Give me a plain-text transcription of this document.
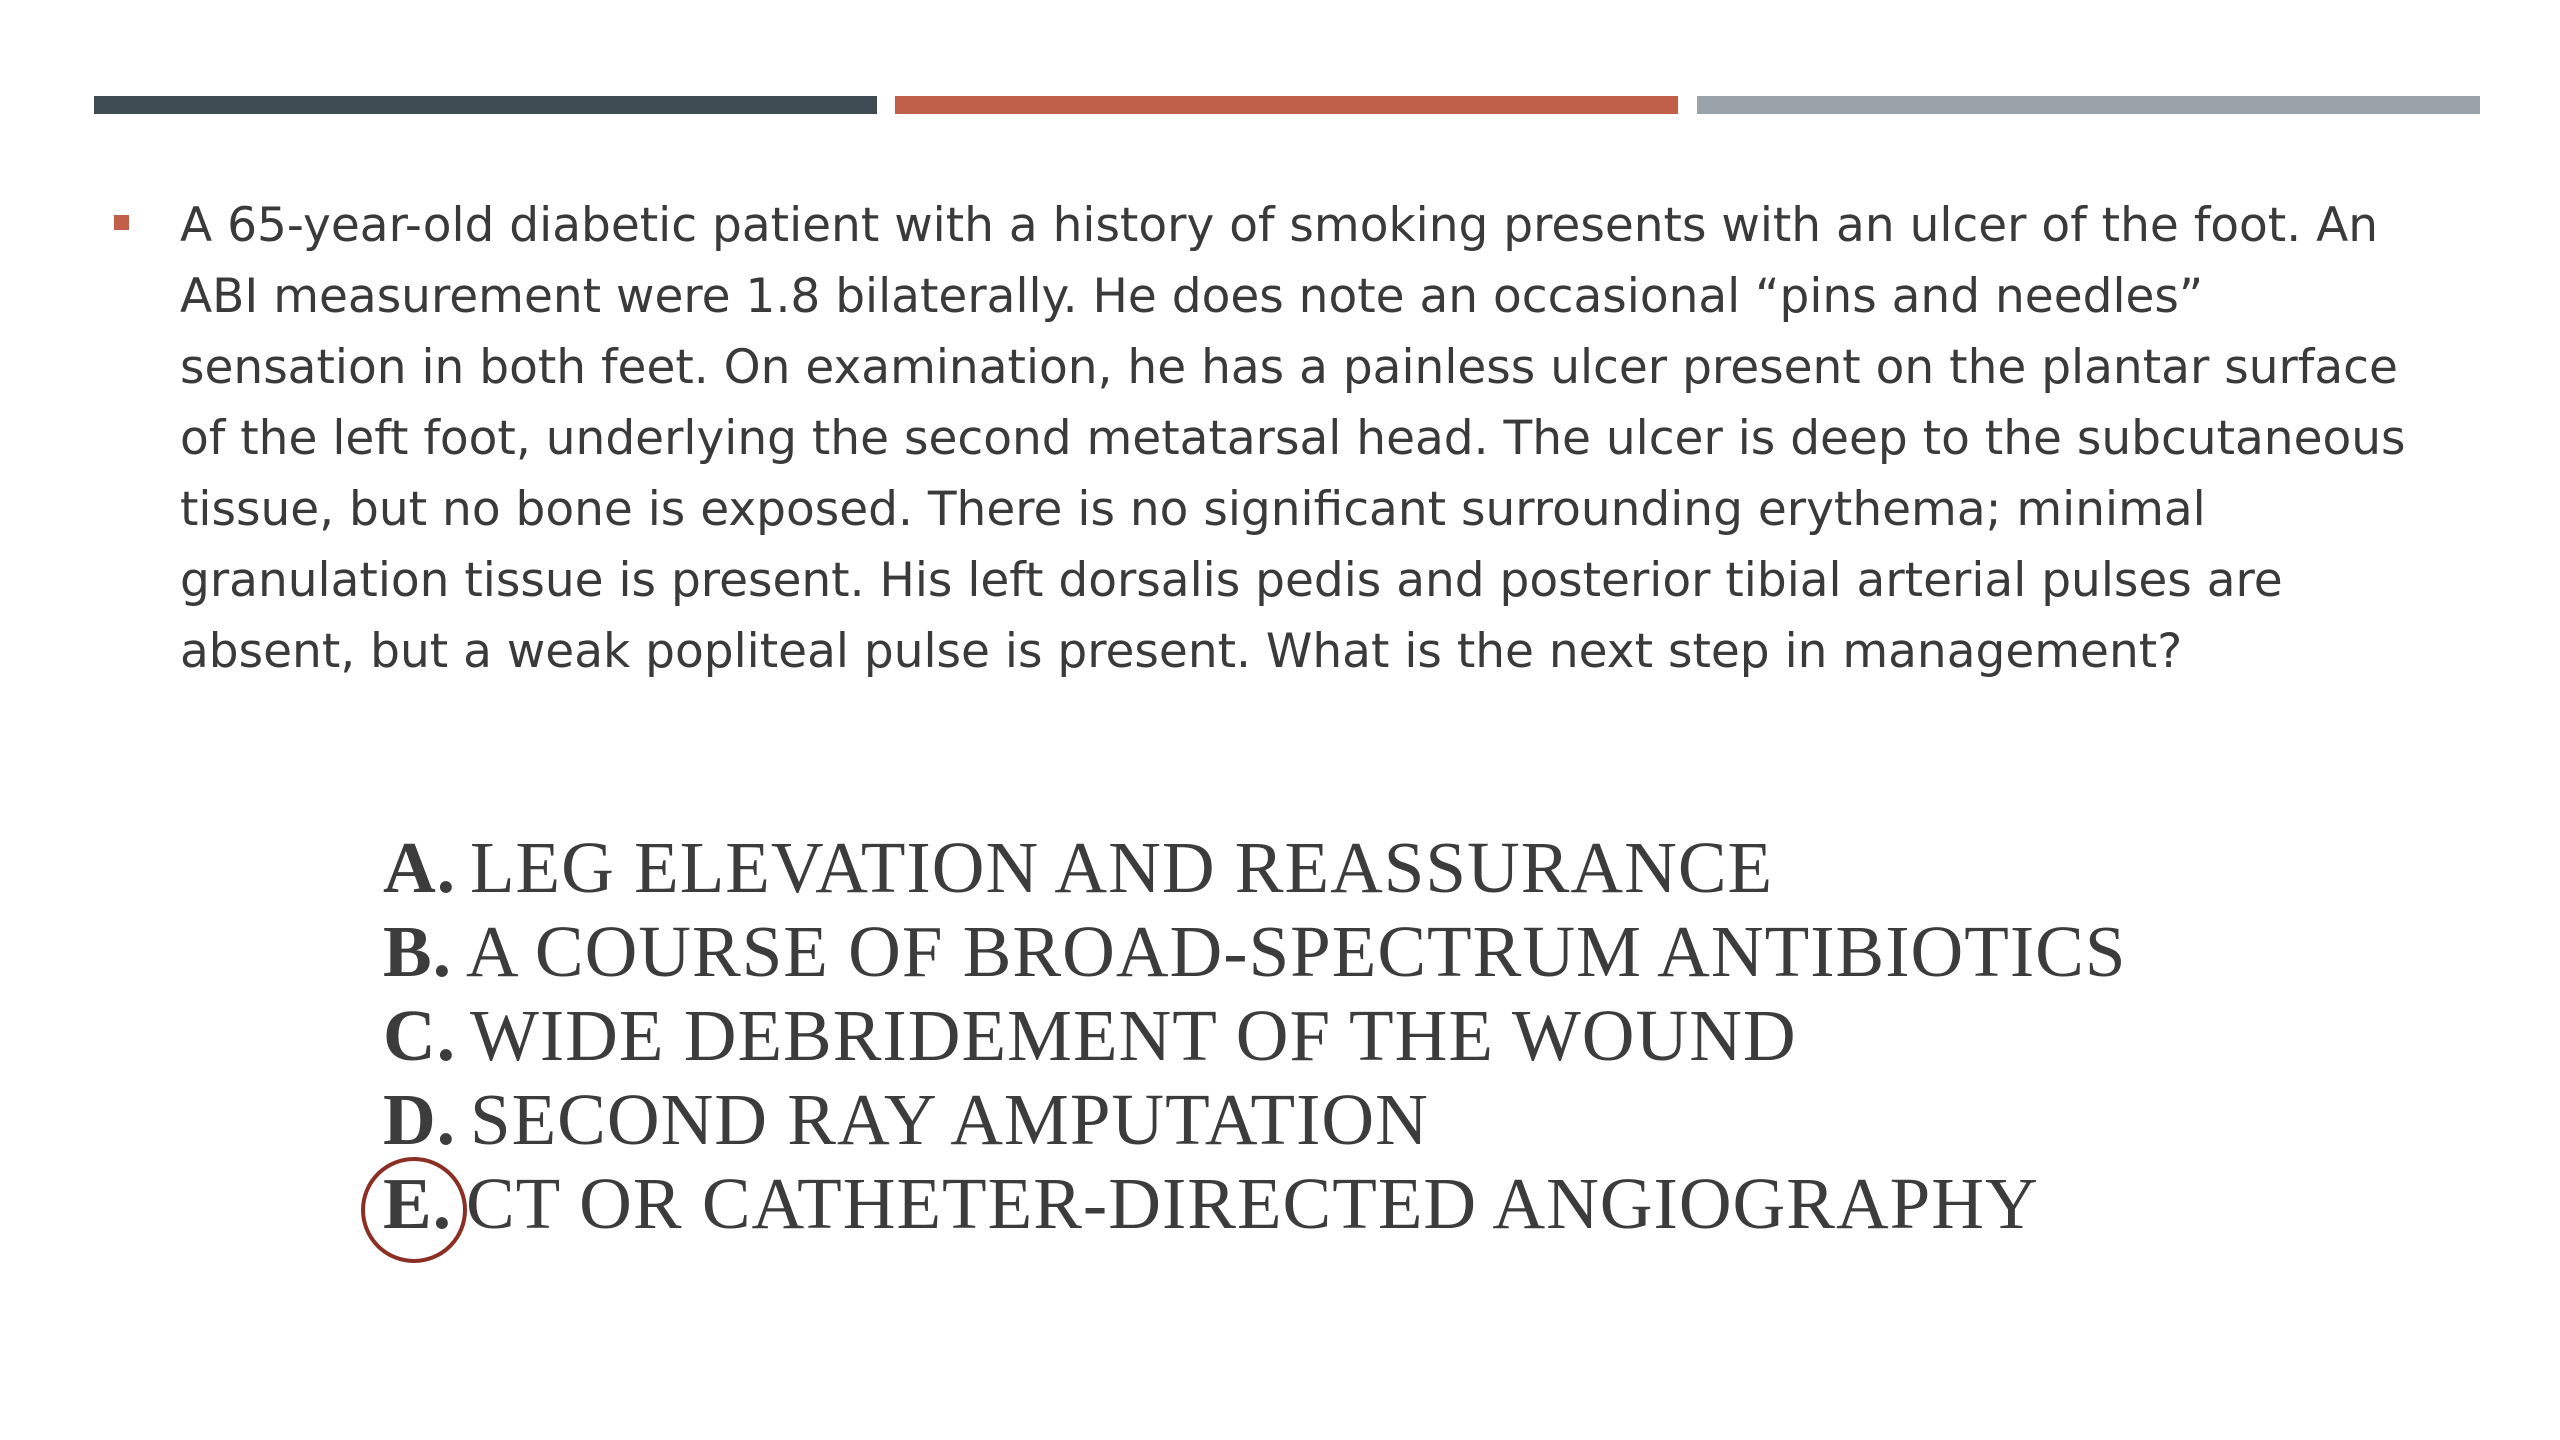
A 65-year-old diabetic patient with a history of smoking presents with an ulcer of the foot. An ABI measurement were 1.8 bilaterally. He does note an occasional “pins and needles” sensation in both feet. On examination, he has a painless ulcer present on the plantar surface of the left foot, underlying the second metatarsal head. The ulcer is deep to the subcutaneous tissue, but no bone is exposed. There is no significant surrounding erythema; minimal granulation tissue is present. His left dorsalis pedis and posterior tibial arterial pulses are absent, but a weak popliteal pulse is present. What is the next step in management?
A. LEG ELEVATION AND REASSURANCE
B. A COURSE OF BROAD-SPECTRUM ANTIBIOTICS
C. WIDE DEBRIDEMENT OF THE WOUND
D. SECOND RAY AMPUTATION
E. CT OR CATHETER-DIRECTED ANGIOGRAPHY
